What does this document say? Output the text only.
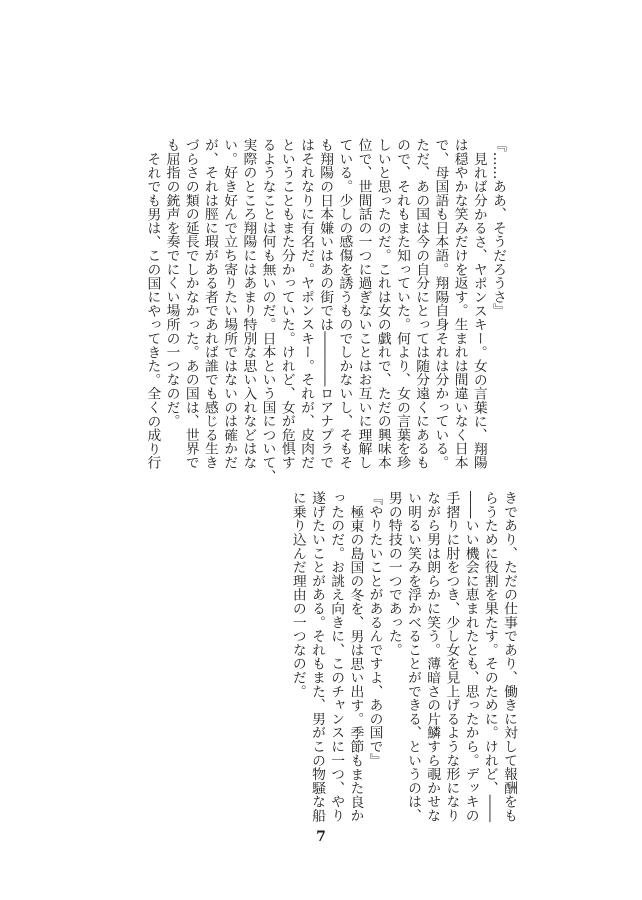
『……ああ、そうだろうさ』
見れば分かるさ、ヤポンスキー。女の言葉に、翔陽
は穏やかな笑みだけを返す。生まれは間違いなく日本
で、母国語も日本語。翔陽自身それは分かっている。
ただ、あの国は今の自分にとっては随分遠くにあるも
ので、それもまた知っていた。何より、女の言葉を珍
しいと思ったのだ。これは女の戯れで、ただの興味本
位で、世間話の一つに過ぎないことはお互いに理解し
ている。少しの感傷を誘うものでしかないし、そもそ
も翔陽の日本嫌いはあの街では――――ロアナプラで
はそれなりに有名だ。ヤポンスキー。それが、皮肉だ
ということもまた分かっていた。けれど、女が危惧す
るようなことは何も無いのだ。日本という国について、
実際のところ翔陽にはあまり特別な思い入れなどはな
い。好き好んで立ち寄りたい場所ではないのは確かだ
が、それは脛に瑕がある者であれば誰でも感じる生き
づらさの類の延長でしかなかった。あの国は、世界で
も屈指の銃声を奏でにくい場所の一つなのだ。
それでも男は、この国にやってきた。全くの成り行
きであり、ただの仕事であり、働きに対して報酬をも
らうために役割を果たす。そのために。けれど、――
――いい機会に恵まれたとも、思ったから。デッキの
手摺りに肘をつき、少し女を見上げるような形になり
ながら男は朗らかに笑う。薄暗さの片鱗すら覗かせな
い明るい笑みを浮かべることができる、というのは、
男の特技の一つであった。
『やりたいことがあるんですよ、あの国で』
極東の島国の冬を、男は思い出す。季節もまた良か
ったのだ。お誂え向きに、このチャンスに一つ、やり
遂げたいことがある。それもまた、男がこの物騒な船
に乗り込んだ理由の一つなのだ。
7
